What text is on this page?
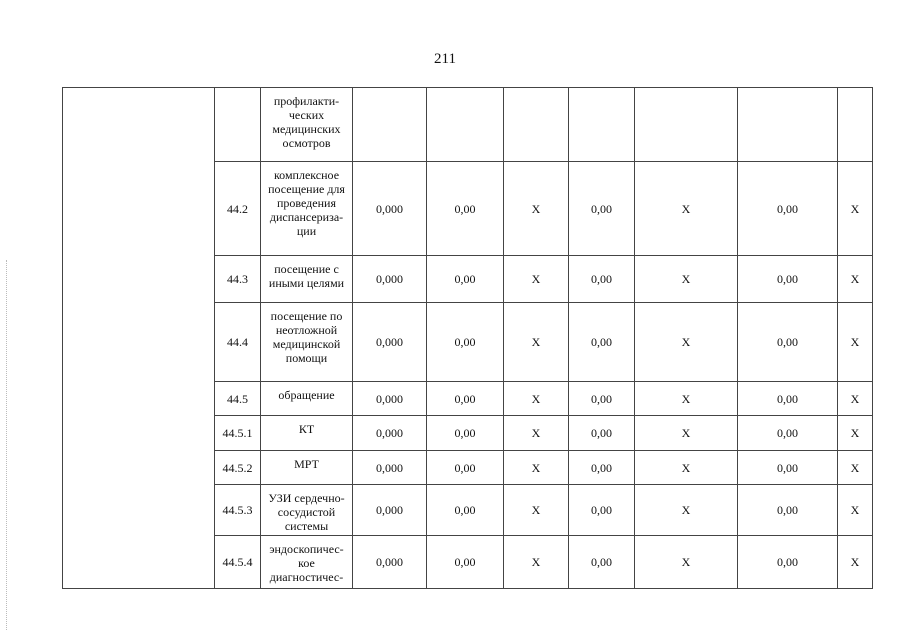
211
		профилакти-
ческих
медицинских
осмотров							
	44.2	комплексное
посещение для
проведения
диспансериза-
ции	0,000	0,00	X	0,00	X	0,00	X
	44.3	посещение с
иными целями	0,000	0,00	X	0,00	X	0,00	X
	44.4	посещение по
неотложной
медицинской
помощи	0,000	0,00	X	0,00	X	0,00	X
	44.5	обращение	0,000	0,00	X	0,00	X	0,00	X
	44.5.1	КТ	0,000	0,00	X	0,00	X	0,00	X
	44.5.2	МРТ	0,000	0,00	X	0,00	X	0,00	X
	44.5.3	УЗИ сердечно-
сосудистой
системы	0,000	0,00	X	0,00	X	0,00	X
	44.5.4	эндоскопичес-
кое
диагностичес-	0,000	0,00	X	0,00	X	0,00	X
